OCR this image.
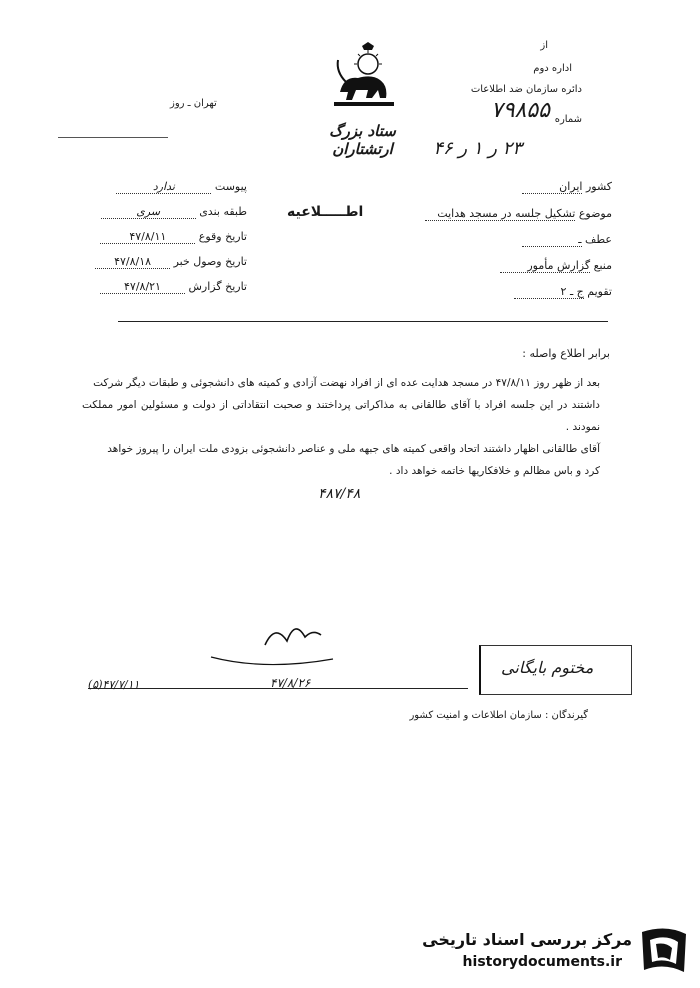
از
اداره دوم
دائره سازمان ضد اطلاعات
شماره
۷۹۸۵۵
۲۳ ر ۱ ر ۴۶
تهران ـ روز
ستاد بزرگ ارتشتاران
پیوست ندارد
طبقه بندی سری
تاریخ وقوع ۴۷/۸/۱۱
تاریخ وصول خبر ۴۷/۸/۱۸
تاریخ گزارش ۴۷/۸/۲۱
اطـــــلاعیه
کشور ایران
موضوع تشکیل جلسه در مسجد هدایت
عطف ـ
منبع گزارش مأمور
تقویم ج ـ ۲
برابر اطلاع واصله :
بعد از ظهر روز ۴۷/۸/۱۱ در مسجد هدایت عده ای از افراد نهضت آزادی و کمیته های دانشجوئی و طبقات دیگر شرکت
داشتند در این جلسه افراد با آقای طالقانی به مذاکراتی پرداختند و صحبت انتقاداتی از دولت و مسئولین امور مملکت نمودند .
آقای طالقانی اظهار داشتند اتحاد واقعی کمیته های جبهه ملی و عناصر دانشجوئی بزودی ملت ایران را پیروز خواهد
کرد و باس مظالم و خلافکاریها خاتمه خواهد داد .
۴۸۷/۴۸
۴۷/۸/۲۶
(۵)۴۷/۷/۱۱
مختوم بایگانی
گیرندگان : سازمان اطلاعات و امنیت کشور
مرکز بررسی اسناد تاریخی
historydocuments.ir
